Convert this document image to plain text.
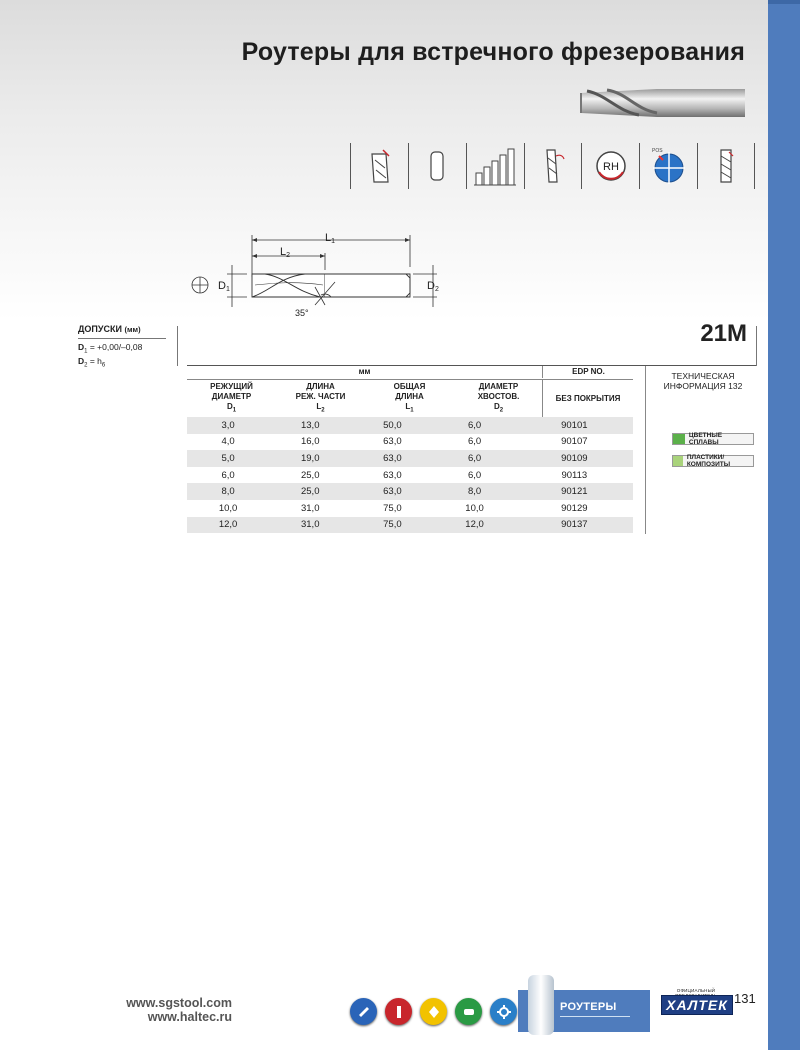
Роутеры для встречного фрезерования
RH
POS
L1
L2
D1	D2
35°
ДОПУСКИ (мм)
$D_1 = +0,00/-0,08$
$D_2 = h_6$
21M
мм	EDP NO.
РЕЖУЩИЙ
ДИАМЕТР
$D_1$
ДЛИНА
РЕЖ. ЧАСТИ
$L_2$
ОБЩАЯ
ДЛИНА
$L_1$
ДИАМЕТР
ХВОСТОВ.
$D_2$
БЕЗ ПОКРЫТИЯ
3,0	13,0	50,0	6,0	90101
4,0	16,0	63,0	6,0	90107
5,0	19,0	63,0	6,0	90109
6,0	25,0	63,0	6,0	90113
8,0	25,0	63,0	8,0	90121
10,0	31,0	75,0	10,0	90129
12,0	31,0	75,0	12,0	90137
ТЕХНИЧЕСКАЯ
ИНФОРМАЦИЯ 132
ЦВЕТНЫЕ СПЛАВЫ
ПЛАСТИКИ/КОМПОЗИТЫ
www.sgstool.com
www.haltec.ru
РОУТЕРЫ
ОФИЦИАЛЬНЫЙ
ХАЛТЕК 131
